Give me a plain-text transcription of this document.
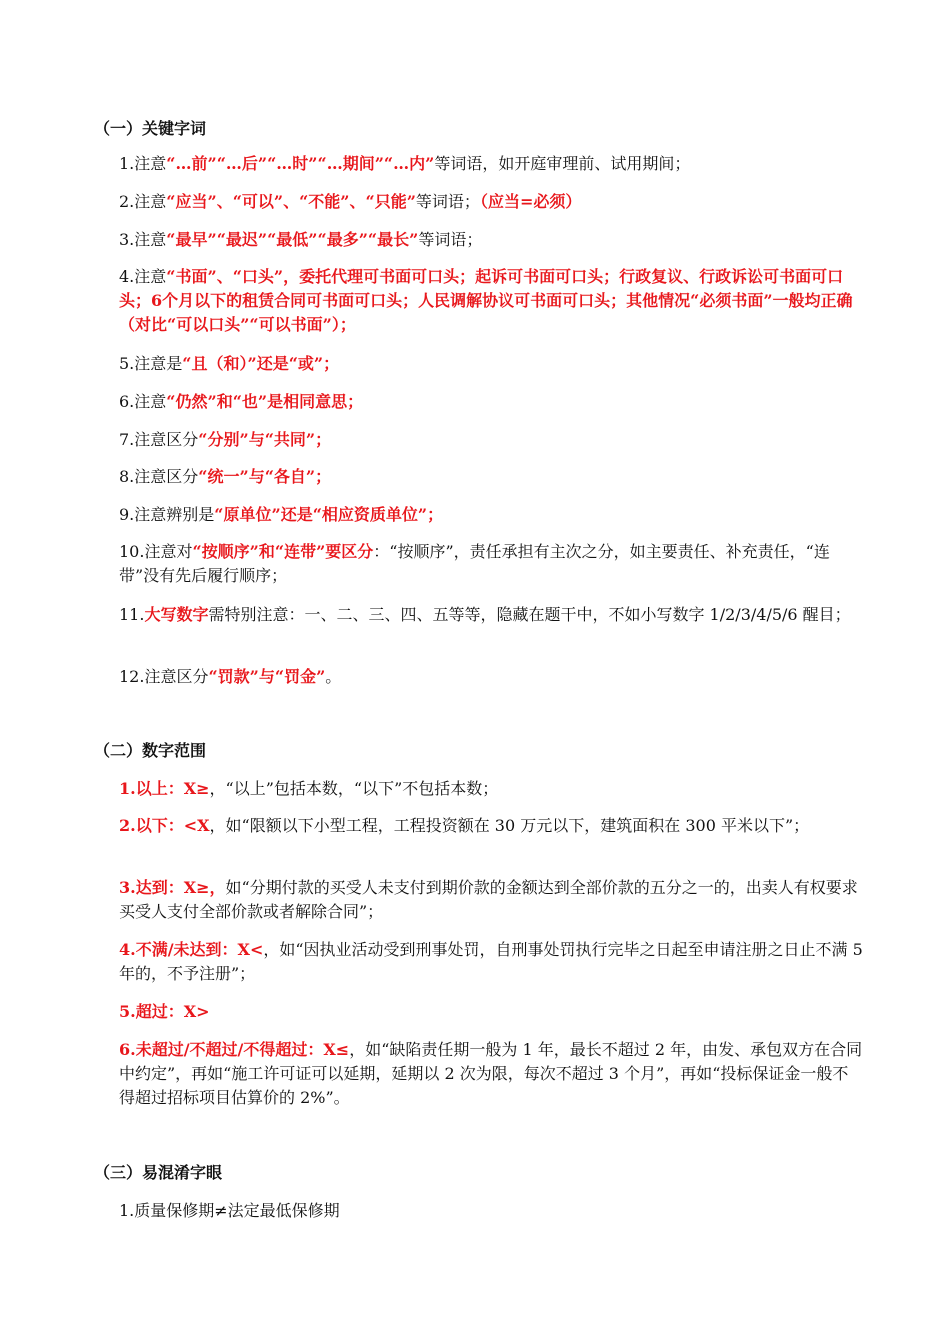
（一）关键字词

1.注意“…前”“…后”“…时”“…期间”“…内”等词语，如开庭审理前、试用期间；

2.注意“应当”、“可以”、“不能”、“只能”等词语；（应当=必须）

3.注意“最早”“最迟”“最低”“最多”“最长”等词语；

4.注意“书面”、“口头”，委托代理可书面可口头；起诉可书面可口头；行政复议、行政诉讼可书面可口头；6个月以下的租赁合同可书面可口头；人民调解协议可书面可口头；其他情况“必须书面”一般均正确（对比“可以口头”“可以书面”）；

5.注意是“且（和）”还是“或”；

6.注意“仍然”和“也”是相同意思；

7.注意区分“分别”与“共同”；

8.注意区分“统一”与“各自”；

9.注意辨别是“原单位”还是“相应资质单位”；

10.注意对“按顺序”和“连带”要区分：“按顺序”，责任承担有主次之分，如主要责任、补充责任，“连带”没有先后履行顺序；

11.大写数字需特别注意：一、二、三、四、五等等，隐藏在题干中，不如小写数字 1/2/3/4/5/6 醒目；

12.注意区分“罚款”与“罚金”。

（二）数字范围

1.以上：X≥，“以上”包括本数，“以下”不包括本数；

2.以下：<X，如“限额以下小型工程，工程投资额在 30 万元以下，建筑面积在 300 平米以下”；

3.达到：X≥，如“分期付款的买受人未支付到期价款的金额达到全部价款的五分之一的，出卖人有权要求买受人支付全部价款或者解除合同”；

4.不满/未达到：X<，如“因执业活动受到刑事处罚，自刑事处罚执行完毕之日起至申请注册之日止不满 5 年的，不予注册”；

5.超过：X>

6.未超过/不超过/不得超过：X≤，如“缺陷责任期一般为 1 年，最长不超过 2 年，由发、承包双方在合同中约定”，再如“施工许可证可以延期，延期以 2 次为限，每次不超过 3 个月”，再如“投标保证金一般不得超过招标项目估算价的 2%”。

（三）易混淆字眼

1.质量保修期≠法定最低保修期
